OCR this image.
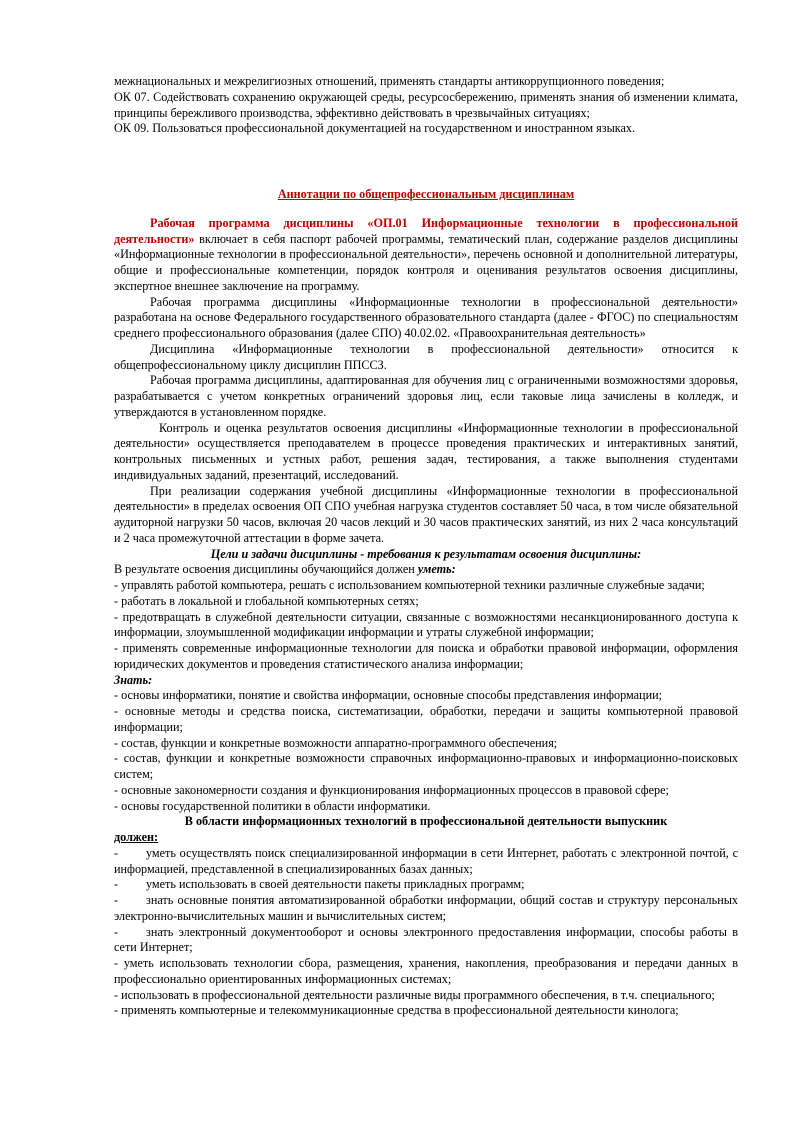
межнациональных и межрелигиозных отношений, применять стандарты антикоррупционного поведения;

ОК 07. Содействовать сохранению окружающей среды, ресурсосбережению, применять знания об изменении климата, принципы бережливого производства, эффективно действовать в чрезвычайных ситуациях;

ОК 09. Пользоваться профессиональной документацией на государственном и иностранном языках.

Аннотации по общепрофессиональным дисциплинам

Рабочая программа дисциплины «ОП.01 Информационные технологии в профессиональной деятельности» включает в себя паспорт рабочей программы, тематический план, содержание разделов дисциплины «Информационные технологии в профессиональной деятельности», перечень основной и дополнительной литературы, общие и профессиональные компетенции, порядок контроля и оценивания результатов освоения дисциплины, экспертное внешнее заключение на программу.

Рабочая программа дисциплины «Информационные технологии в профессиональной деятельности» разработана на основе Федерального государственного образовательного стандарта (далее - ФГОС) по специальностям среднего профессионального образования (далее СПО) 40.02.02. «Правоохранительная деятельность»

Дисциплина «Информационные технологии в профессиональной деятельности» относится к общепрофессиональному циклу дисциплин ППССЗ.

Рабочая программа дисциплины, адаптированная для обучения лиц с ограниченными возможностями здоровья, разрабатывается с учетом конкретных ограничений здоровья лиц, если таковые лица зачислены в колледж, и утверждаются в установленном порядке.

Контроль и оценка результатов освоения дисциплины «Информационные технологии в профессиональной деятельности» осуществляется преподавателем в процессе проведения практических и интерактивных занятий, контрольных письменных и устных работ, решения задач, тестирования, а также выполнения студентами индивидуальных заданий, презентаций, исследований.

При реализации содержания учебной дисциплины «Информационные технологии в профессиональной деятельности» в пределах освоения ОП СПО учебная нагрузка студентов составляет 50 часа, в том числе обязательной аудиторной нагрузки 50 часов, включая 20 часов лекций и 30 часов практических занятий, из них 2 часа консультаций и 2 часа промежуточной аттестации в форме зачета.

Цели и задачи дисциплины - требования к результатам освоения дисциплины:

В результате освоения дисциплины обучающийся должен уметь:

- управлять работой компьютера, решать с использованием компьютерной техники различные служебные задачи;

- работать в локальной и глобальной компьютерных сетях;

- предотвращать в служебной деятельности ситуации, связанные с возможностями несанкционированного доступа к информации, злоумышленной модификации информации и утраты служебной информации;

- применять современные информационные технологии для поиска и обработки правовой информации, оформления юридических документов и проведения статистического анализа информации;

Знать:

- основы информатики, понятие и свойства информации, основные способы представления информации;

- основные методы и средства поиска, систематизации, обработки, передачи и защиты компьютерной правовой информации;

- состав, функции и конкретные возможности аппаратно-программного обеспечения;

- состав, функции и конкретные возможности справочных информационно-правовых и информационно-поисковых систем;

- основные закономерности создания и функционирования информационных процессов в правовой сфере;

- основы государственной политики в области информатики.

В области информационных технологий в профессиональной деятельности выпускник

должен:

- уметь осуществлять поиск специализированной информации в сети Интернет, работать с электронной почтой, с информацией, представленной в специализированных базах данных;

- уметь использовать в своей деятельности пакеты прикладных программ;

- знать основные понятия автоматизированной обработки информации, общий состав и структуру персональных электронно-вычислительных машин и вычислительных систем;

- знать электронный документооборот и основы электронного предоставления информации, способы работы в сети Интернет;

- уметь использовать технологии сбора, размещения, хранения, накопления, преобразования и передачи данных в профессионально ориентированных информационных системах;

- использовать в профессиональной деятельности различные виды программного обеспечения, в т.ч. специального;

- применять компьютерные и телекоммуникационные средства в профессиональной деятельности кинолога;
